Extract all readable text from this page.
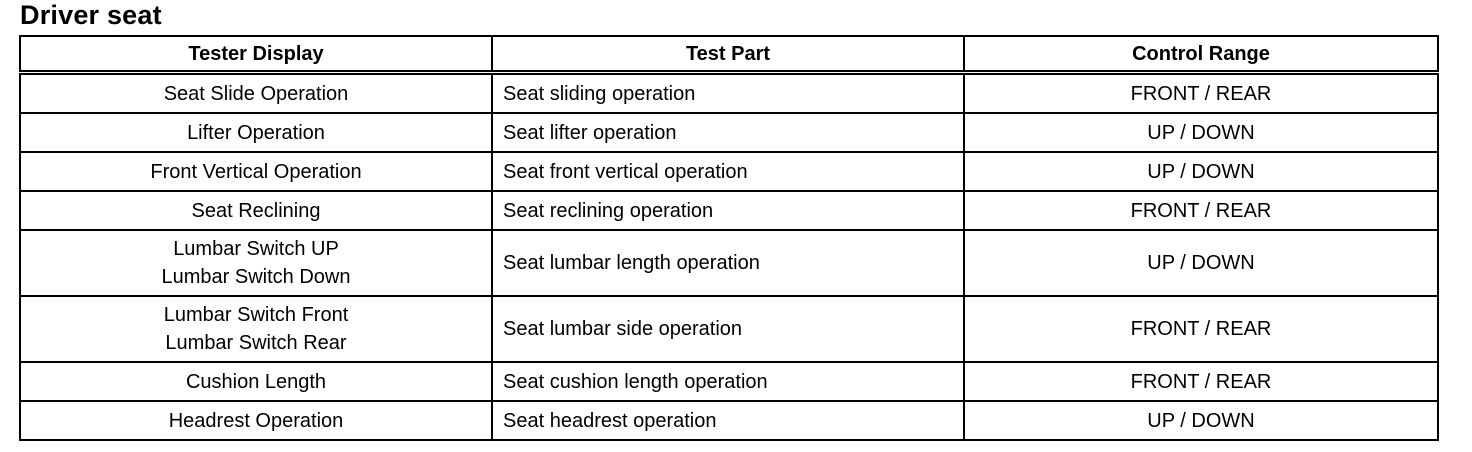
Driver seat
Tester Display	Test Part	Control Range

Seat Slide Operation	Seat sliding operation	FRONT / REAR

Lifter Operation	Seat lifter operation	UP / DOWN

Front Vertical Operation	Seat front vertical operation	UP / DOWN

Seat Reclining	Seat reclining operation	FRONT / REAR

Lumbar Switch UP
Lumbar Switch Down	Seat lumbar length operation	UP / DOWN

Lumbar Switch Front
Lumbar Switch Rear	Seat lumbar side operation	FRONT / REAR

Cushion Length	Seat cushion length operation	FRONT / REAR

Headrest Operation	Seat headrest operation	UP / DOWN
